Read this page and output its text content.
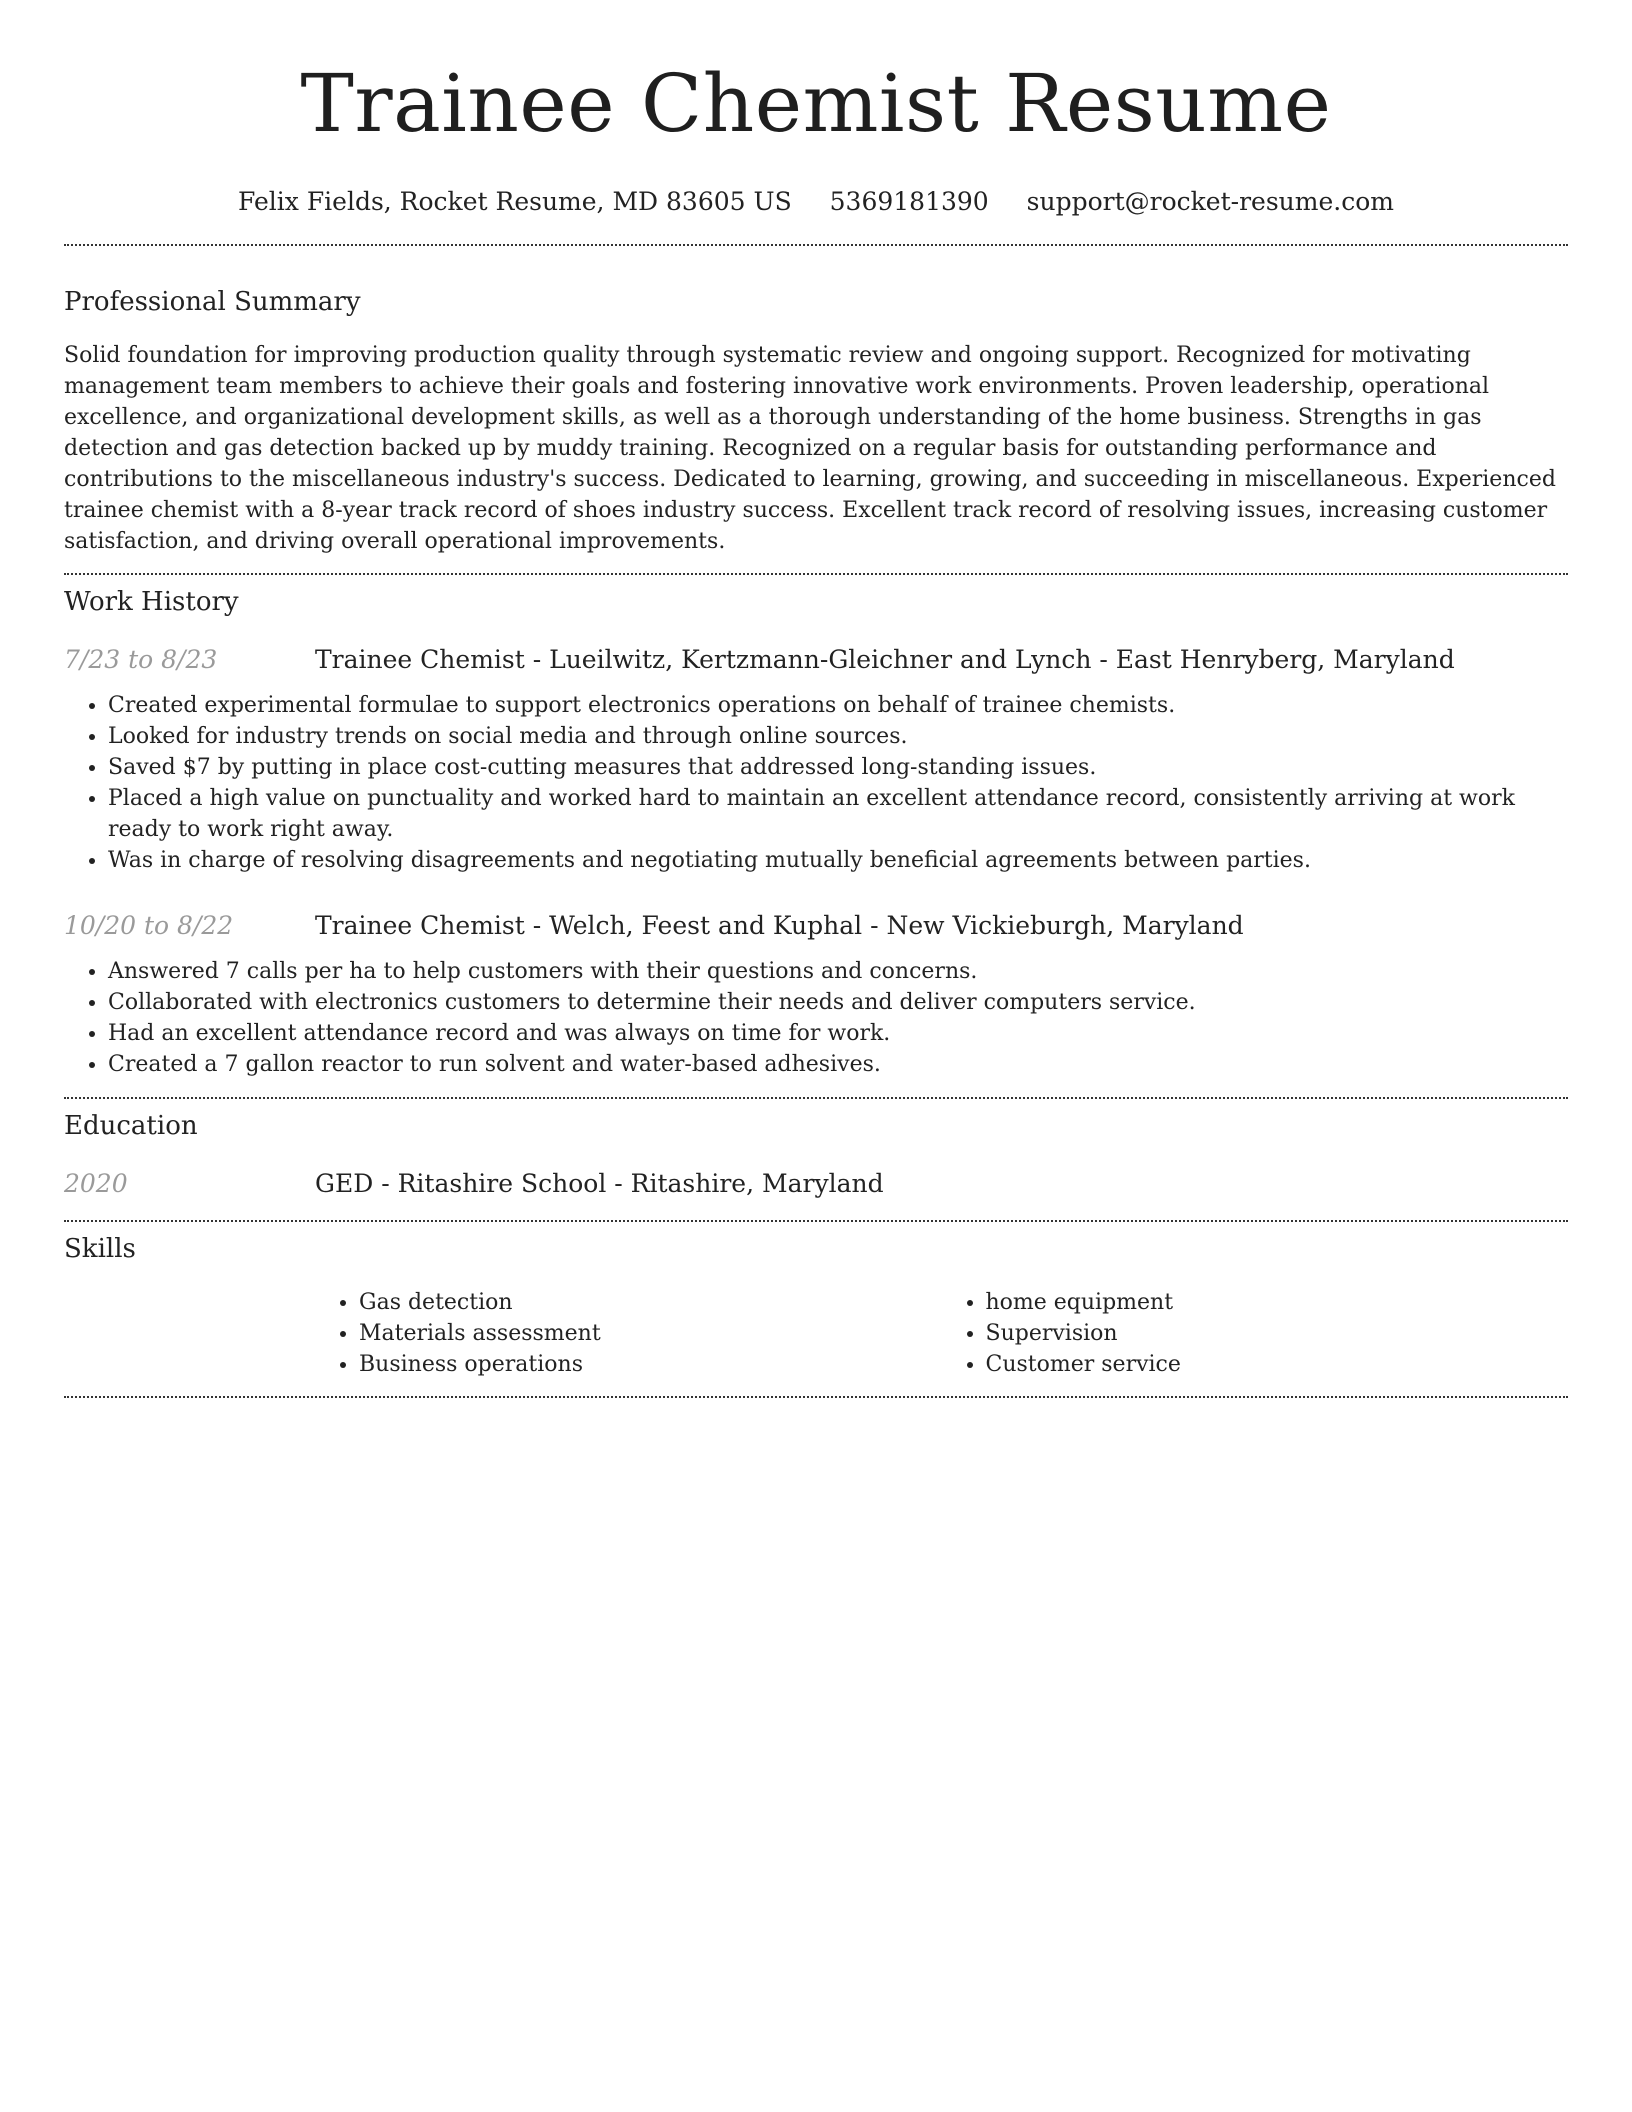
Trainee Chemist Resume
Felix Fields, Rocket Resume, MD 83605 US 5369181390 support@rocket-resume.com
Professional Summary

Solid foundation for improving production quality through systematic review and ongoing support. Recognized for motivating management team members to achieve their goals and fostering innovative work environments. Proven leadership, operational excellence, and organizational development skills, as well as a thorough understanding of the home business. Strengths in gas detection and gas detection backed up by muddy training. Recognized on a regular basis for outstanding performance and contributions to the miscellaneous industry's success. Dedicated to learning, growing, and succeeding in miscellaneous. Experienced trainee chemist with a 8-year track record of shoes industry success. Excellent track record of resolving issues, increasing customer satisfaction, and driving overall operational improvements.

Work History
7/23 to 8/23	Trainee Chemist - Lueilwitz, Kertzmann-Gleichner and Lynch - East Henryberg, Maryland
• Created experimental formulae to support electronics operations on behalf of trainee chemists.
• Looked for industry trends on social media and through online sources.
• Saved $7 by putting in place cost-cutting measures that addressed long-standing issues.
• Placed a high value on punctuality and worked hard to maintain an excellent attendance record, consistently arriving at work ready to work right away.
• Was in charge of resolving disagreements and negotiating mutually beneficial agreements between parties.
10/20 to 8/22	Trainee Chemist - Welch, Feest and Kuphal - New Vickieburgh, Maryland
• Answered 7 calls per ha to help customers with their questions and concerns.
• Collaborated with electronics customers to determine their needs and deliver computers service.
• Had an excellent attendance record and was always on time for work.
• Created a 7 gallon reactor to run solvent and water-based adhesives.
Education
2020	GED - Ritashire School - Ritashire, Maryland
Skills
• Gas detection
• Materials assessment
• Business operations
• home equipment
• Supervision
• Customer service
